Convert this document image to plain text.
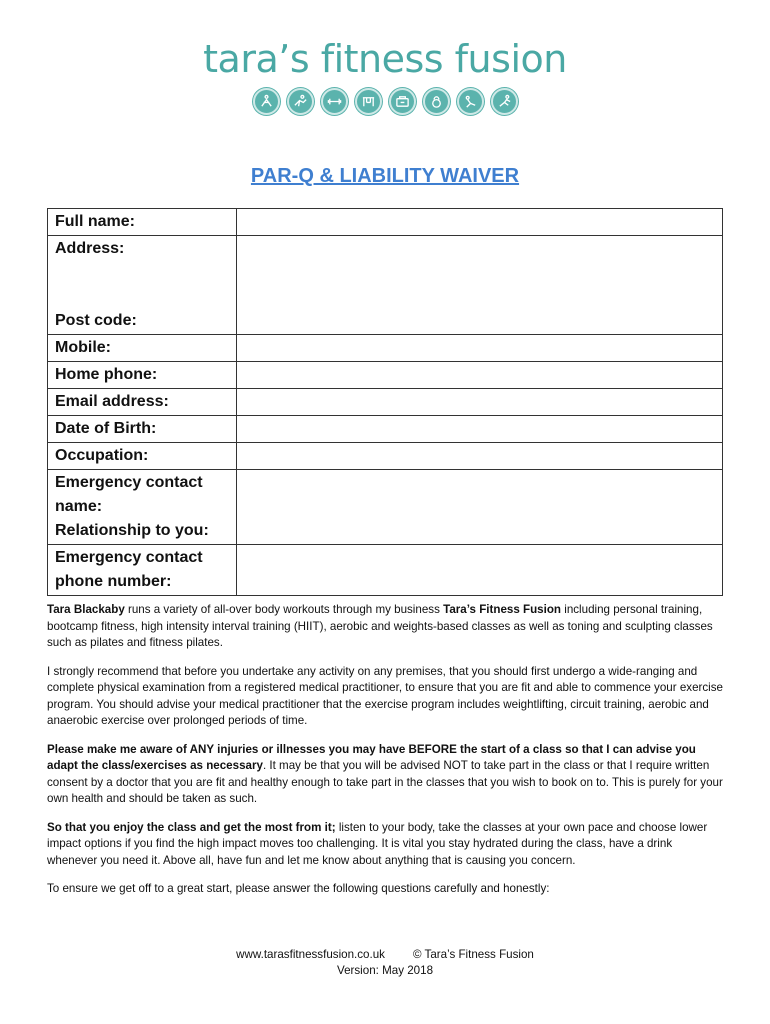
tara’s fitness fusion
PAR-Q & LIABILITY WAIVER
Full name:	

Address:
Post code:	

Mobile:	
Home phone:	
Email address:	
Date of Birth:	
Occupation:	

Emergency contact
name:
Relationship to you:	

Emergency contact
phone number:	

Tara Blackaby runs a variety of all-over body workouts through my business Tara’s Fitness Fusion including personal training, bootcamp fitness, high intensity interval training (HIIT), aerobic and weights-based classes as well as toning and sculpting classes such as pilates and fitness pilates.

I strongly recommend that before you undertake any activity on any premises, that you should first undergo a wide-ranging and complete physical examination from a registered medical practitioner, to ensure that you are fit and able to commence your exercise program. You should advise your medical practitioner that the exercise program includes weightlifting, circuit training, aerobic and anaerobic exercise over prolonged periods of time.

Please make me aware of ANY injuries or illnesses you may have BEFORE the start of a class so that I can advise you adapt the class/exercises as necessary. It may be that you will be advised NOT to take part in the class or that I require written consent by a doctor that you are fit and healthy enough to take part in the classes that you wish to book on to. This is purely for your own health and should be taken as such.

So that you enjoy the class and get the most from it; listen to your body, take the classes at your own pace and choose lower impact options if you find the high impact moves too challenging. It is vital you stay hydrated during the class, have a drink whenever you need it. Above all, have fun and let me know about anything that is causing you concern.

To ensure we get off to a great start, please answer the following questions carefully and honestly:

www.tarasfitnessfusion.co.uk © Tara’s Fitness Fusion
Version: May 2018
